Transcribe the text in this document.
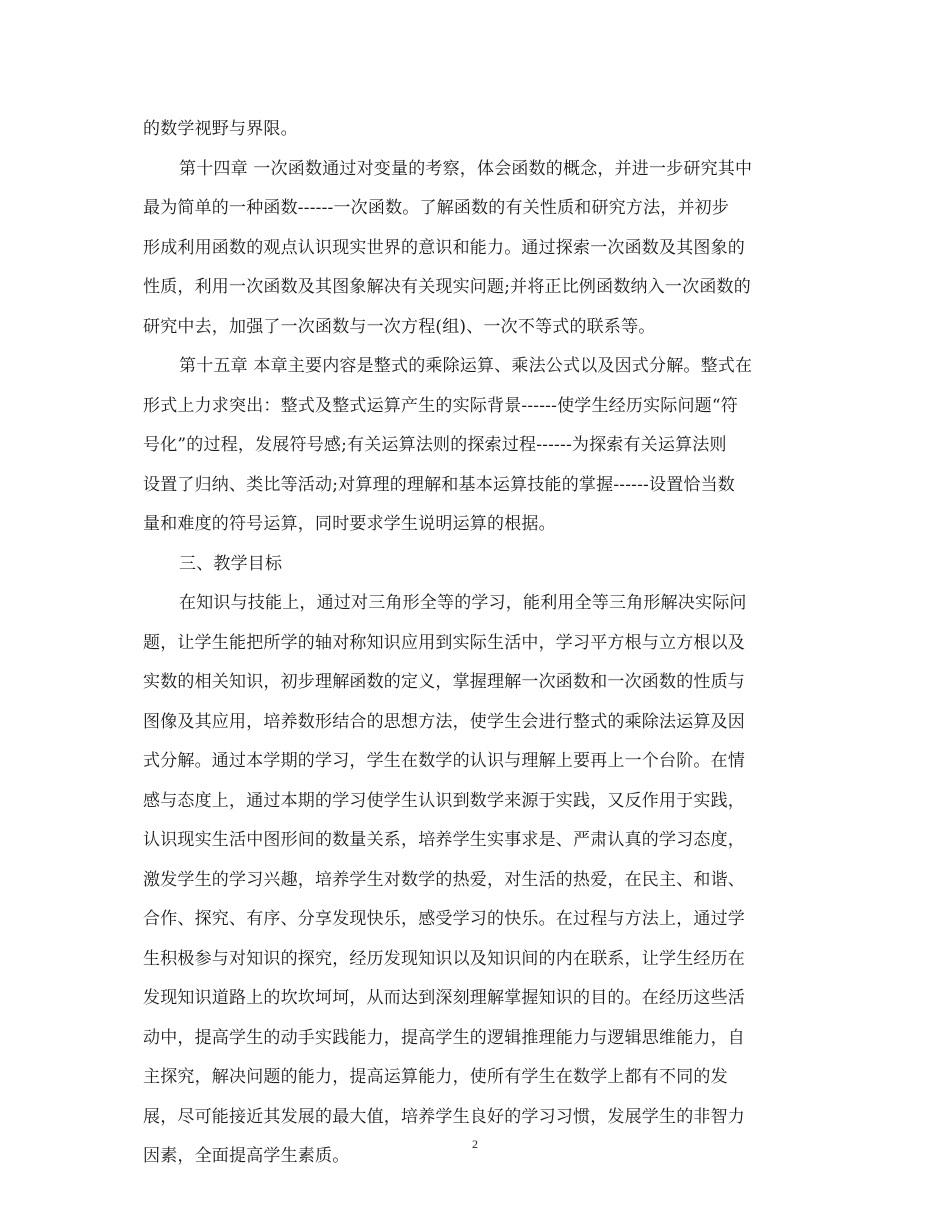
的数学视野与界限。
第十四章 一次函数通过对变量的考察，体会函数的概念，并进一步研究其中
最为简单的一种函数------一次函数。了解函数的有关性质和研究方法，并初步
形成利用函数的观点认识现实世界的意识和能力。通过探索一次函数及其图象的
性质，利用一次函数及其图象解决有关现实问题;并将正比例函数纳入一次函数的
研究中去，加强了一次函数与一次方程(组)、一次不等式的联系等。
第十五章 本章主要内容是整式的乘除运算、乘法公式以及因式分解。整式在
形式上力求突出：整式及整式运算产生的实际背景------使学生经历实际问题“符
号化”的过程，发展符号感;有关运算法则的探索过程------为探索有关运算法则
设置了归纳、类比等活动;对算理的理解和基本运算技能的掌握------设置恰当数
量和难度的符号运算，同时要求学生说明运算的根据。
三、教学目标
在知识与技能上，通过对三角形全等的学习，能利用全等三角形解决实际问
题，让学生能把所学的轴对称知识应用到实际生活中，学习平方根与立方根以及
实数的相关知识，初步理解函数的定义，掌握理解一次函数和一次函数的性质与
图像及其应用，培养数形结合的思想方法，使学生会进行整式的乘除法运算及因
式分解。通过本学期的学习，学生在数学的认识与理解上要再上一个台阶。在情
感与态度上，通过本期的学习使学生认识到数学来源于实践，又反作用于实践，
认识现实生活中图形间的数量关系，培养学生实事求是、严肃认真的学习态度，
激发学生的学习兴趣，培养学生对数学的热爱，对生活的热爱，在民主、和谐、
合作、探究、有序、分享发现快乐，感受学习的快乐。在过程与方法上，通过学
生积极参与对知识的探究，经历发现知识以及知识间的内在联系，让学生经历在
发现知识道路上的坎坎坷坷，从而达到深刻理解掌握知识的目的。在经历这些活
动中，提高学生的动手实践能力，提高学生的逻辑推理能力与逻辑思维能力，自
主探究，解决问题的能力，提高运算能力，使所有学生在数学上都有不同的发
展，尽可能接近其发展的最大值，培养学生良好的学习习惯，发展学生的非智力
因素，全面提高学生素质。
2
